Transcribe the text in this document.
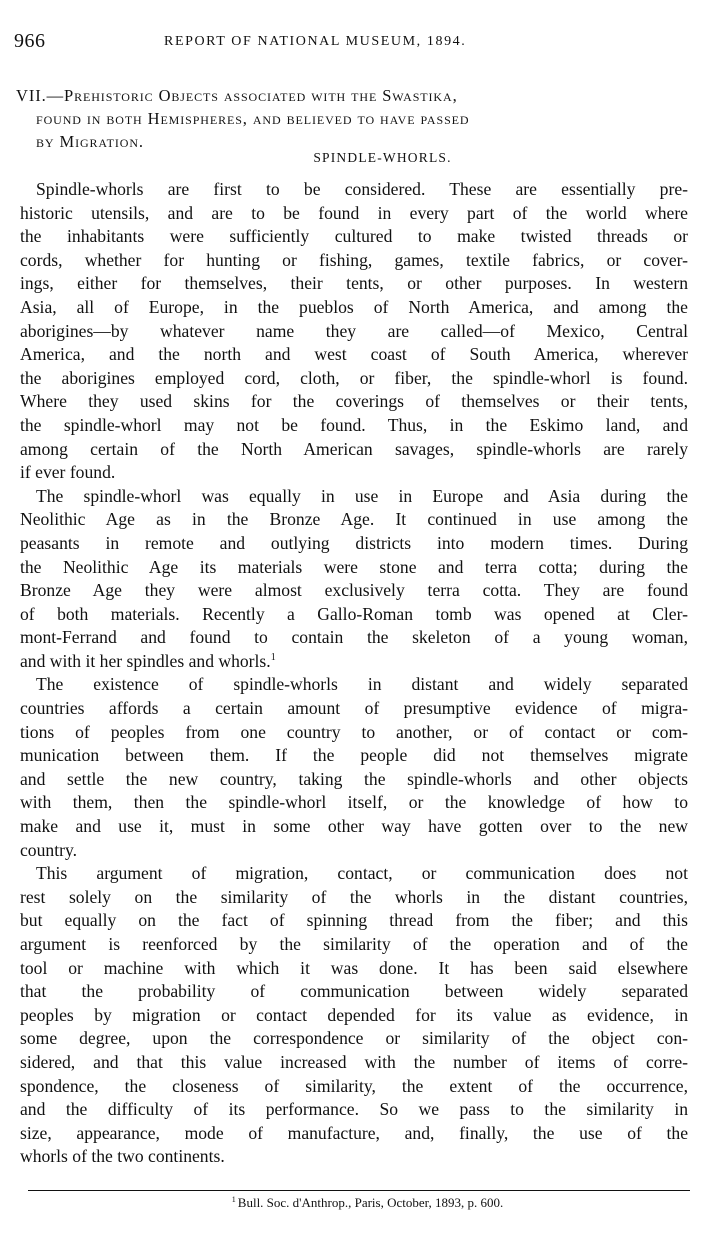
966	REPORT OF NATIONAL MUSEUM, 1894.
VII.—Prehistoric Objects associated with the Swastika,
found in both Hemispheres, and believed to have passed
by Migration.
SPINDLE-WHORLS.
Spindle-whorls are first to be considered. These are essentially pre-
historic utensils, and are to be found in every part of the world where
the inhabitants were sufficiently cultured to make twisted threads or
cords, whether for hunting or fishing, games, textile fabrics, or cover-
ings, either for themselves, their tents, or other purposes. In western
Asia, all of Europe, in the pueblos of North America, and among the
aborigines—by whatever name they are called—of Mexico, Central
America, and the north and west coast of South America, wherever
the aborigines employed cord, cloth, or fiber, the spindle-whorl is found.
Where they used skins for the coverings of themselves or their tents,
the spindle-whorl may not be found. Thus, in the Eskimo land, and
among certain of the North American savages, spindle-whorls are rarely
if ever found.
The spindle-whorl was equally in use in Europe and Asia during the
Neolithic Age as in the Bronze Age. It continued in use among the
peasants in remote and outlying districts into modern times. During
the Neolithic Age its materials were stone and terra cotta; during the
Bronze Age they were almost exclusively terra cotta. They are found
of both materials. Recently a Gallo-Roman tomb was opened at Cler-
mont-Ferrand and found to contain the skeleton of a young woman,
and with it her spindles and whorls.$^1$
The existence of spindle-whorls in distant and widely separated
countries affords a certain amount of presumptive evidence of migra-
tions of peoples from one country to another, or of contact or com-
munication between them. If the people did not themselves migrate
and settle the new country, taking the spindle-whorls and other objects
with them, then the spindle-whorl itself, or the knowledge of how to
make and use it, must in some other way have gotten over to the new
country.
This argument of migration, contact, or communication does not
rest solely on the similarity of the whorls in the distant countries,
but equally on the fact of spinning thread from the fiber; and this
argument is reenforced by the similarity of the operation and of the
tool or machine with which it was done. It has been said elsewhere
that the probability of communication between widely separated
peoples by migration or contact depended for its value as evidence, in
some degree, upon the correspondence or similarity of the object con-
sidered, and that this value increased with the number of items of corre-
spondence, the closeness of similarity, the extent of the occurrence,
and the difficulty of its performance. So we pass to the similarity in
size, appearance, mode of manufacture, and, finally, the use of the
whorls of the two continents.
$^1$ Bull. Soc. d'Anthrop., Paris, October, 1893, p. 600.
